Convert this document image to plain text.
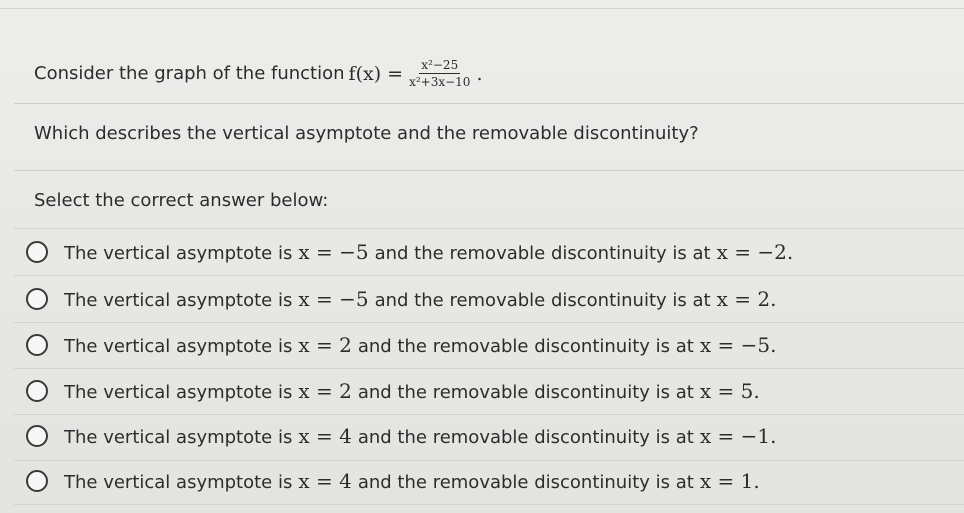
Consider the graph of the function $f(x) = \frac{\text{x²−25}}{\text{x²+3x−10}}$ .
Which describes the vertical asymptote and the removable discontinuity?
Select the correct answer below:
The vertical asymptote is x = −5 and the removable discontinuity is at x = −2.
The vertical asymptote is x = −5 and the removable discontinuity is at x = 2.
The vertical asymptote is x = 2 and the removable discontinuity is at x = −5.
The vertical asymptote is x = 2 and the removable discontinuity is at x = 5.
The vertical asymptote is x = 4 and the removable discontinuity is at x = −1.
The vertical asymptote is x = 4 and the removable discontinuity is at x = 1.
